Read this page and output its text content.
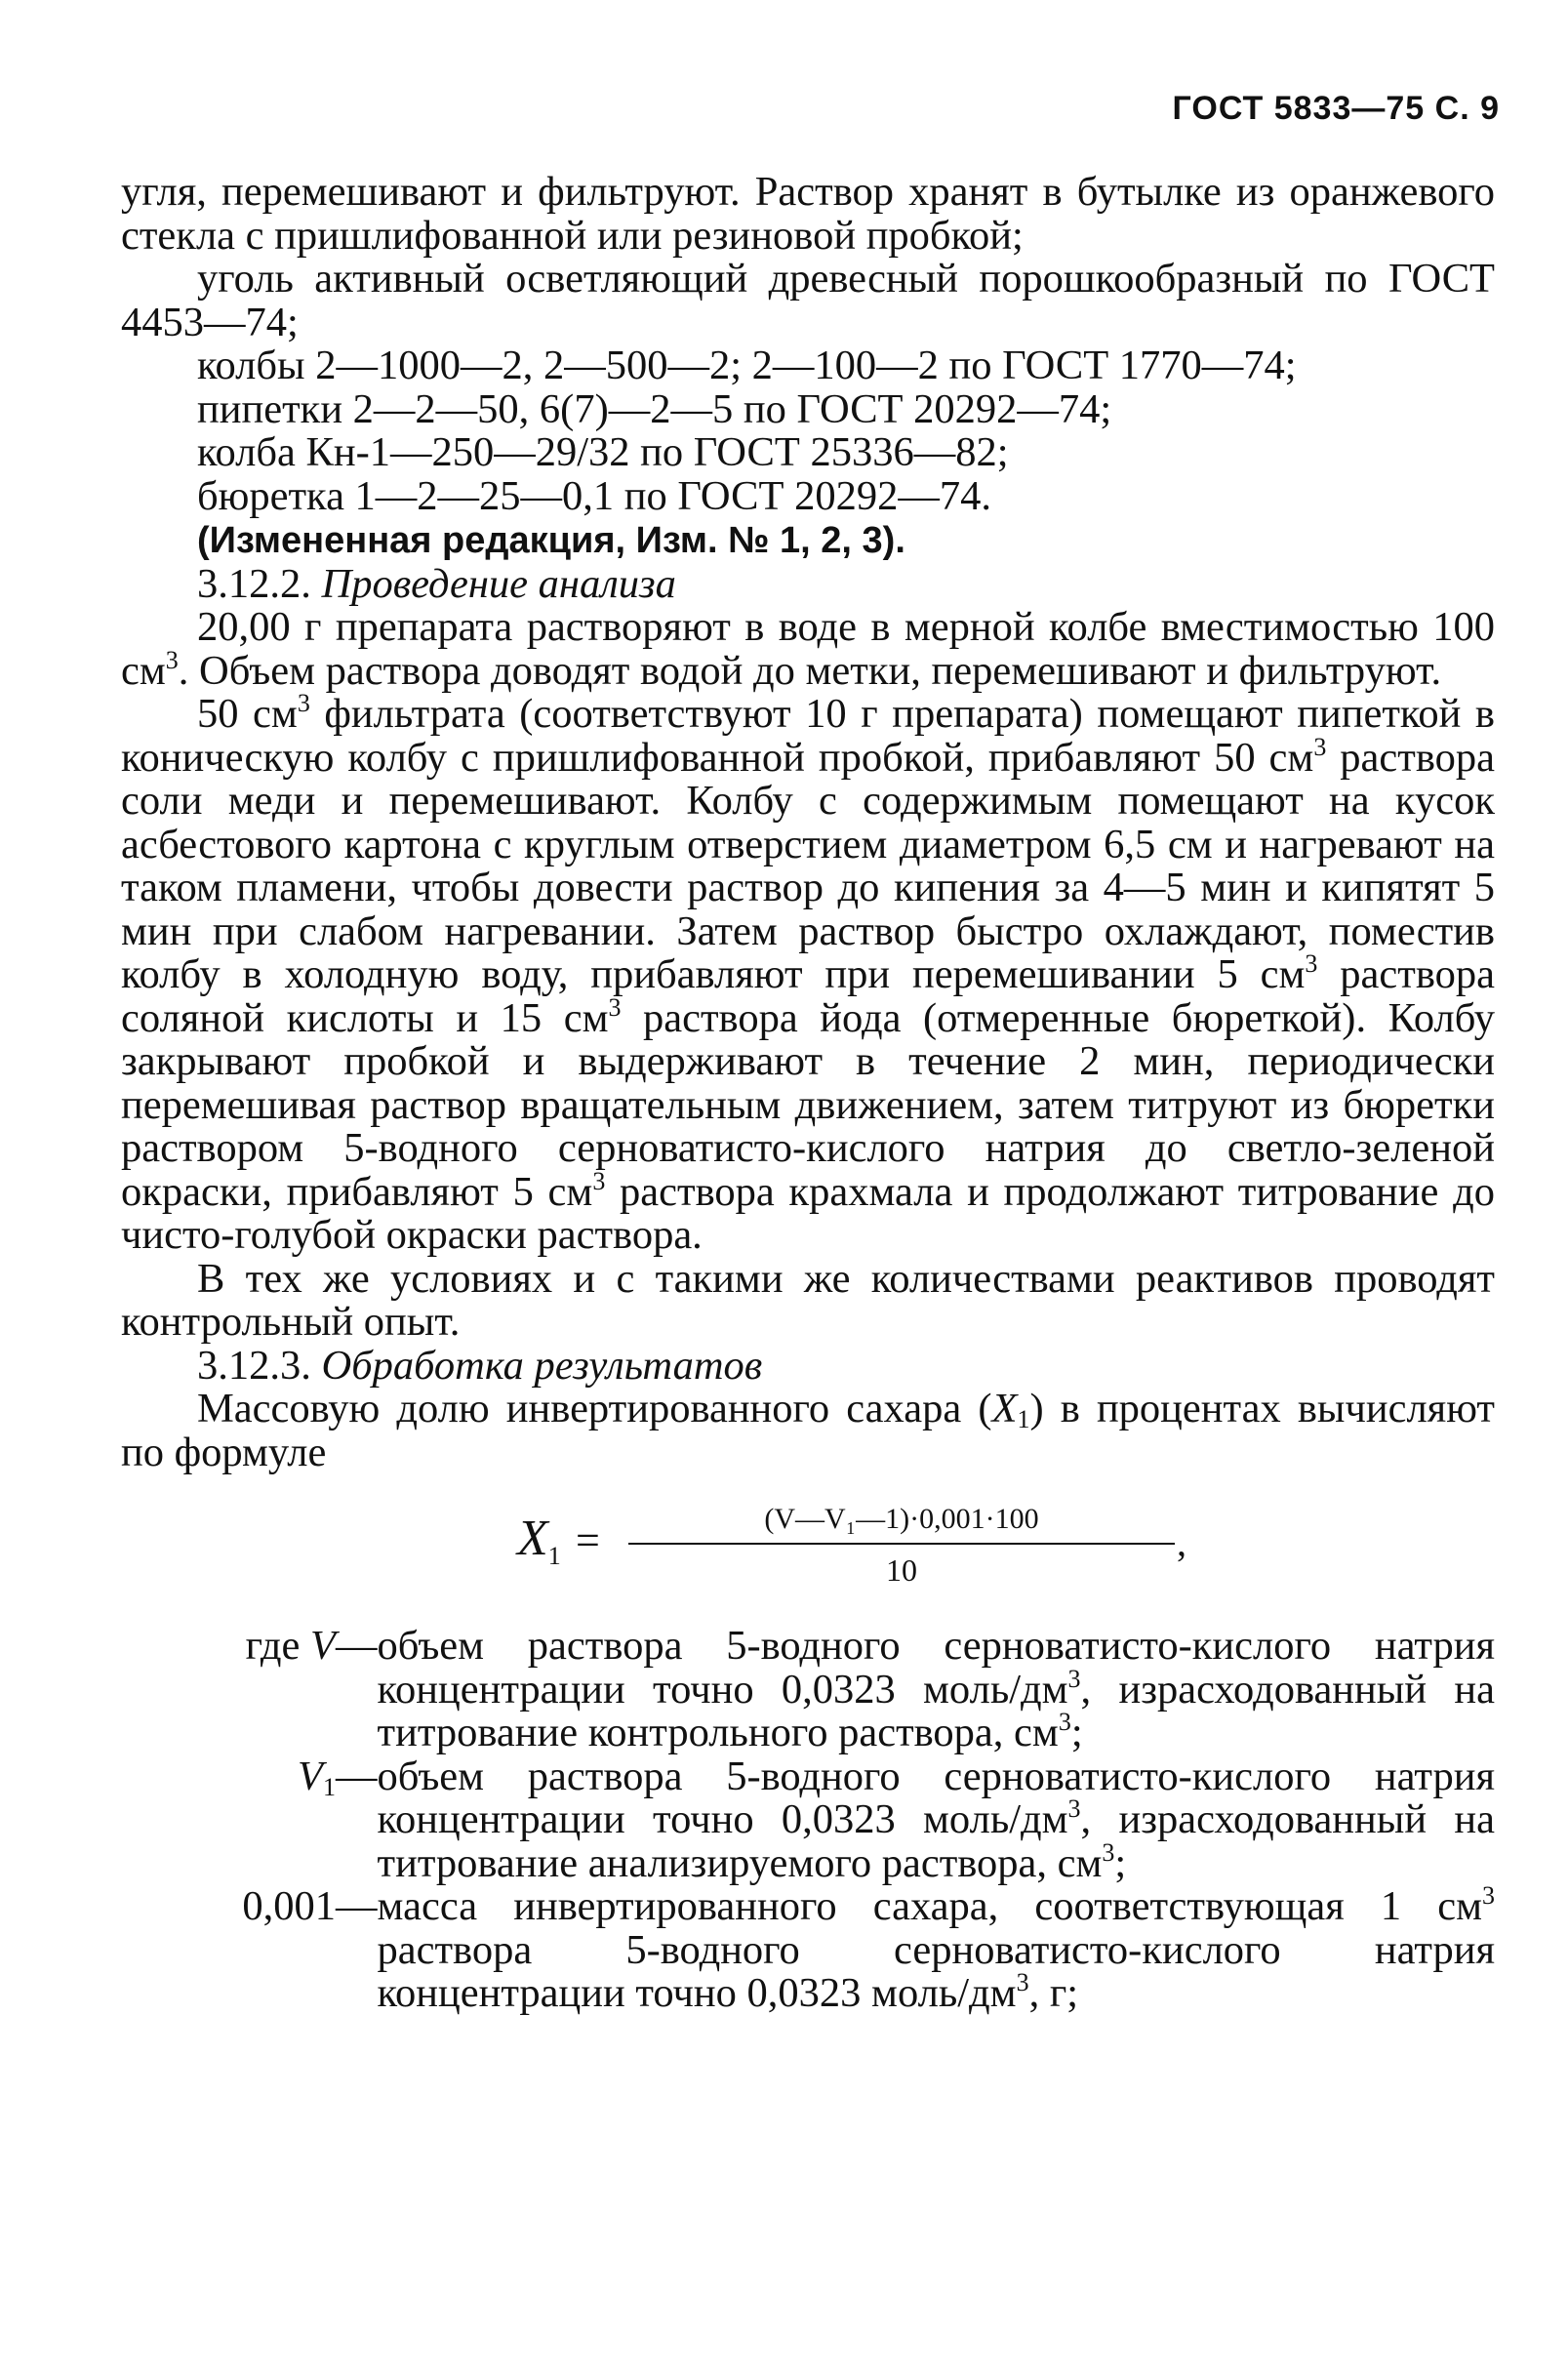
ГОСТ 5833—75 С. 9

угля, перемешивают и фильтруют. Раствор хранят в бутылке из оранжевого стекла с пришлифованной или резиновой пробкой;

уголь активный осветляющий древесный порошкообразный по ГОСТ 4453—74;

колбы 2—1000—2, 2—500—2; 2—100—2 по ГОСТ 1770—74;

пипетки 2—2—50, 6(7)—2—5 по ГОСТ 20292—74;

колба Кн-1—250—29/32 по ГОСТ 25336—82;

бюретка 1—2—25—0,1 по ГОСТ 20292—74.

(Измененная редакция, Изм. № 1, 2, 3).

3.12.2. Проведение анализа

20,00 г препарата растворяют в воде в мерной колбе вместимостью 100 $см^3$. Объем раствора доводят водой до метки, перемешивают и фильтруют.

50 $см^3$ фильтрата (соответствуют 10 г препарата) помещают пипеткой в коническую колбу с пришлифованной пробкой, прибавляют 50 $см^3$ раствора соли меди и перемешивают. Колбу с содержимым помещают на кусок асбестового картона с круглым отверстием диаметром 6,5 см и нагревают на таком пламени, чтобы довести раствор до кипения за 4—5 мин и кипятят 5 мин при слабом нагревании. Затем раствор быстро охлаждают, поместив колбу в холодную воду, прибавляют при перемешивании 5 $см^3$ раствора соляной кислоты и 15 $см^3$ раствора йода (отмеренные бюреткой). Колбу закрывают пробкой и выдерживают в течение 2 мин, периодически перемешивая раствор вращательным движением, затем титруют из бюретки раствором 5-водного серноватисто-кислого натрия до светло-зеленой окраски, прибавляют 5 $см^3$ раствора крахмала и продолжают титрование до чисто-голубой окраски раствора.

В тех же условиях и с такими же количествами реактивов проводят контрольный опыт.

3.12.3. Обработка результатов

Массовую долю инвертированного сахара $(X_1)$ в процентах вычисляют по формуле

$X_1$ =	(V—V₁—1)·0,001·100
10
,
где V — объем раствора 5-водного серноватисто-кислого натрия концентрации точно 0,0323 моль/$дм^3$, израсходованный на титрование контрольного раствора, $см^3$;
$V_1$ — объем раствора 5-водного серноватисто-кислого натрия концентрации точно 0,0323 моль/$дм^3$, израсходованный на титрование анализируемого раствора, $см^3$;
0,001 — масса инвертированного сахара, соответствующая 1 $см^3$ раствора 5-водного серноватисто-кислого натрия концентрации точно 0,0323 моль/$дм^3$, г;
